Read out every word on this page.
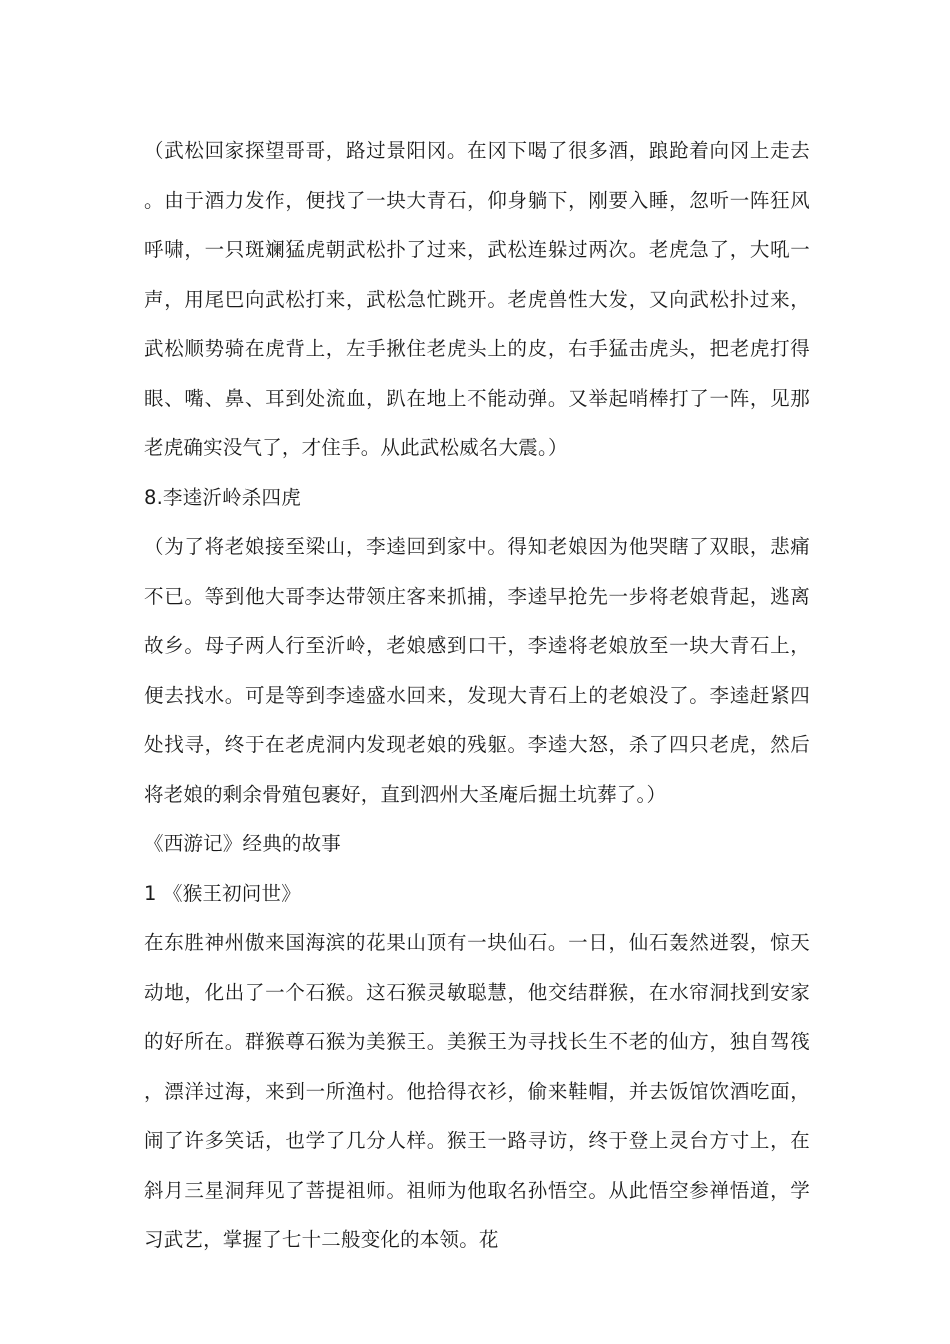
（武松回家探望哥哥，路过景阳冈。在冈下喝了很多酒，踉跄着向冈上走去。由于酒力发作，便找了一块大青石，仰身躺下，刚要入睡，忽听一阵狂风呼啸，一只斑斓猛虎朝武松扑了过来，武松连躲过两次。老虎急了，大吼一声，用尾巴向武松打来，武松急忙跳开。老虎兽性大发，又向武松扑过来，武松顺势骑在虎背上，左手揪住老虎头上的皮，右手猛击虎头，把老虎打得眼、嘴、鼻、耳到处流血，趴在地上不能动弹。又举起哨棒打了一阵，见那老虎确实没气了，才住手。从此武松威名大震。）

8.李逵沂岭杀四虎

（为了将老娘接至梁山，李逵回到家中。得知老娘因为他哭瞎了双眼，悲痛不已。等到他大哥李达带领庄客来抓捕，李逵早抢先一步将老娘背起，逃离故乡。母子两人行至沂岭，老娘感到口干，李逵将老娘放至一块大青石上，便去找水。可是等到李逵盛水回来，发现大青石上的老娘没了。李逵赶紧四处找寻，终于在老虎洞内发现老娘的残躯。李逵大怒，杀了四只老虎，然后将老娘的剩余骨殖包裹好，直到泗州大圣庵后掘土坑葬了。）

《西游记》经典的故事

1 《猴王初问世》

在东胜神州傲来国海滨的花果山顶有一块仙石。一日，仙石轰然迸裂，惊天动地，化出了一个石猴。这石猴灵敏聪慧，他交结群猴，在水帘洞找到安家的好所在。群猴尊石猴为美猴王。美猴王为寻找长生不老的仙方，独自驾筏，漂洋过海，来到一所渔村。他拾得衣衫，偷来鞋帽，并去饭馆饮酒吃面，闹了许多笑话，也学了几分人样。猴王一路寻访，终于登上灵台方寸上，在斜月三星洞拜见了菩提祖师。祖师为他取名孙悟空。从此悟空参禅悟道，学习武艺，掌握了七十二般变化的本领。花
